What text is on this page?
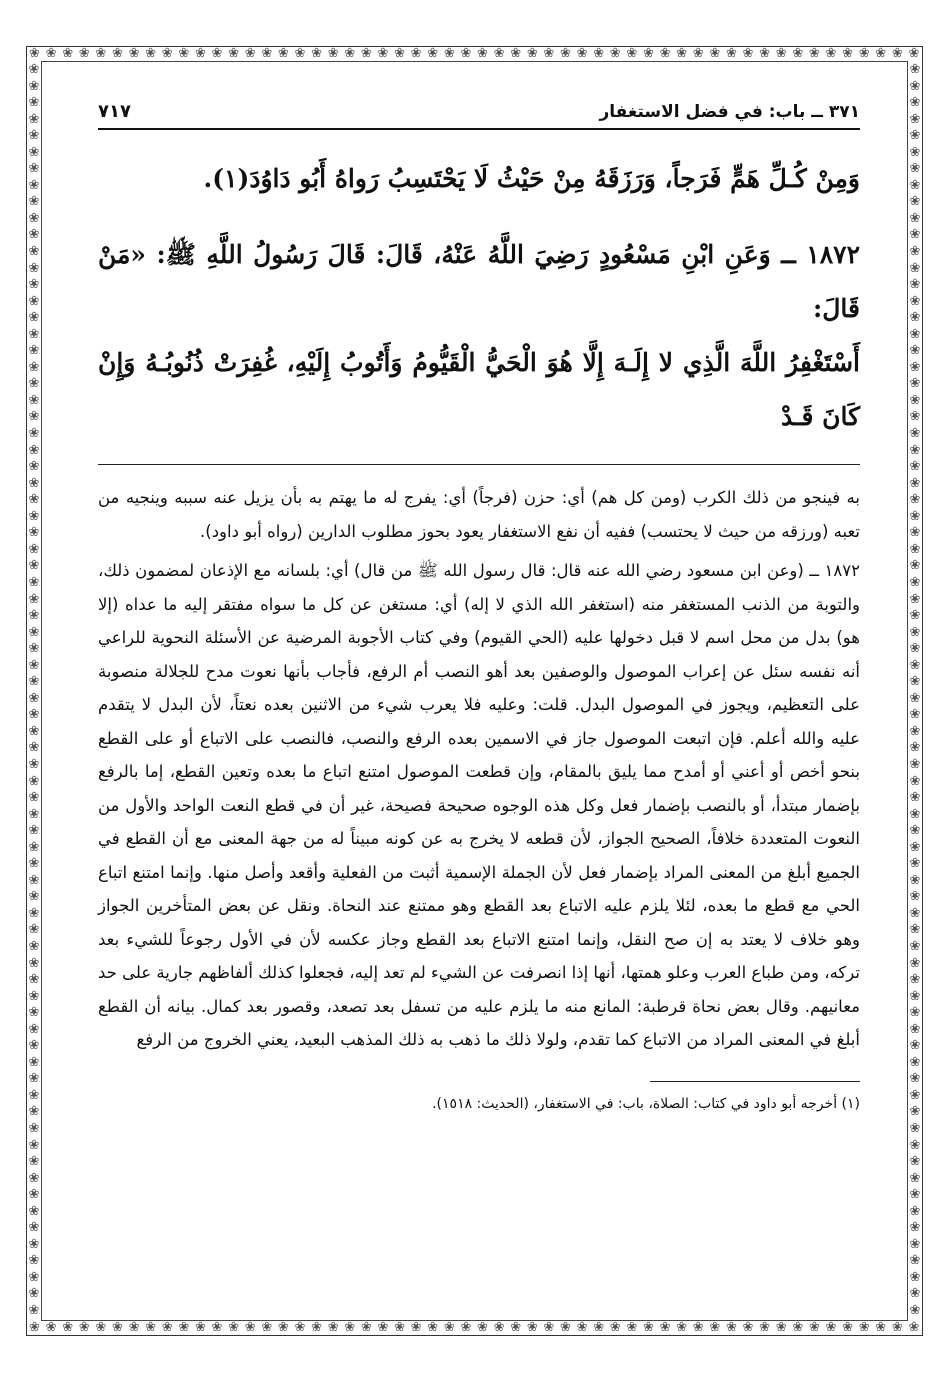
❀ ❀ ❀ ❀ ❀ ❀ ❀ ❀ ❀ ❀ ❀ ❀ ❀ ❀ ❀ ❀ ❀ ❀ ❀ ❀ ❀ ❀ ❀ ❀ ❀ ❀ ❀ ❀ ❀ ❀ ❀ ❀ ❀ ❀ ❀ ❀ ❀ ❀ ❀ ❀ ❀ ❀ ❀ ❀ ❀ ❀ ❀ ❀ ❀ ❀ ❀ ❀ ❀ ❀
❀ ❀ ❀ ❀ ❀ ❀ ❀ ❀ ❀ ❀ ❀ ❀ ❀ ❀ ❀ ❀ ❀ ❀ ❀ ❀ ❀ ❀ ❀ ❀ ❀ ❀ ❀ ❀ ❀ ❀ ❀ ❀ ❀ ❀ ❀ ❀ ❀ ❀ ❀ ❀ ❀ ❀ ❀ ❀ ❀ ❀ ❀ ❀ ❀ ❀ ❀ ❀ ❀ ❀
❀
❀
❀
❀
❀
❀
❀
❀
❀
❀
❀
❀
❀
❀
❀
❀
❀
❀
❀
❀
❀
❀
❀
❀
❀
❀
❀
❀
❀
❀
❀
❀
❀
❀
❀
❀
❀
❀
❀
❀
❀
❀
❀
❀
❀
❀
❀
❀
❀
❀
❀
❀
❀
❀
❀
❀
❀
❀
❀
❀
❀
❀
❀
❀
❀
❀
❀
❀
❀
❀
❀
❀
❀
❀
❀
❀
❀
❀
❀
❀
❀
❀
❀
❀
❀
❀
❀
❀
❀
❀
❀
❀
❀
❀
❀
❀
❀
❀
❀
❀
❀
❀
❀
❀
❀
❀
❀
❀
❀
❀
❀
❀
❀
❀
❀
❀
❀
❀
❀
❀
❀
❀
❀
❀
❀
❀
❀
❀
❀
❀
❀
❀
❀
❀
❀
❀
❀
❀
❀
❀
❀
❀
❀
❀
❀
❀
❀
❀
❀
❀
❀
❀
٣٧١ ــ باب: في فضل الاستغفار
٧١٧

وَمِنْ كُـلِّ هَمٍّ فَرَجاً، وَرَزَقَهُ مِنْ حَيْثُ لَا يَحْتَسِبُ رَواهُ أَبُو دَاوُدَ(١).

١٨٧٢ ــ وَعَنِ ابْنِ مَسْعُودٍ رَضِيَ اللَّهُ عَنْهُ، قَالَ: قَالَ رَسُولُ اللَّهِ ﷺ: «مَنْ قَالَ:

أَسْتَغْفِرُ اللَّهَ الَّذِي لا إِلَـهَ إِلَّا هُوَ الْحَيُّ الْقَيُّومُ وَأَتُوبُ إِلَيْهِ، غُفِرَتْ ذُنُوبُـهُ وَإِنْ كَانَ قَـدْ

به فينجو من ذلك الكرب (ومن كل هم) أي: حزن (فرجاً) أي: يفرج له ما يهتم به بأن يزيل عنه سببه وينجيه من تعبه (ورزقه من حيث لا يحتسب) ففيه أن نفع الاستغفار يعود بحوز مطلوب الدارين (رواه أبو داود).

١٨٧٢ ــ (وعن ابن مسعود رضي الله عنه قال: قال رسول الله ﷺ من قال) أي: بلسانه مع الإذعان لمضمون ذلك، والتوبة من الذنب المستغفر منه (استغفر الله الذي لا إله) أي: مستغن عن كل ما سواه مفتقر إليه ما عداه (إلا هو) بدل من محل اسم لا قبل دخولها عليه (الحي القيوم) وفي كتاب الأجوبة المرضية عن الأسئلة النحوية للراعي أنه نفسه سئل عن إعراب الموصول والوصفين بعد أهو النصب أم الرفع، فأجاب بأنها نعوت مدح للجلالة منصوبة على التعظيم، ويجوز في الموصول البدل. قلت: وعليه فلا يعرب شيء من الاثنين بعده نعتاً، لأن البدل لا يتقدم عليه والله أعلم. فإن اتبعت الموصول جاز في الاسمين بعده الرفع والنصب، فالنصب على الاتباع أو على القطع بنحو أخص أو أعني أو أمدح مما يليق بالمقام، وإن قطعت الموصول امتنع اتباع ما بعده وتعين القطع، إما بالرفع بإضمار مبتدأ، أو بالنصب بإضمار فعل وكل هذه الوجوه صحيحة فصيحة، غير أن في قطع النعت الواحد والأول من النعوت المتعددة خلافاً، الصحيح الجواز، لأن قطعه لا يخرج به عن كونه مبيناً له من جهة المعنى مع أن القطع في الجميع أبلغ من المعنى المراد بإضمار فعل لأن الجملة الإسمية أثبت من الفعلية وأقعد وأصل منها. وإنما امتنع اتباع الحي مع قطع ما بعده، لئلا يلزم عليه الاتباع بعد القطع وهو ممتنع عند النحاة. ونقل عن بعض المتأخرين الجواز وهو خلاف لا يعتد به إن صح النقل، وإنما امتنع الاتباع بعد القطع وجاز عكسه لأن في الأول رجوعاً للشيء بعد تركه، ومن طباع العرب وعلو همتها، أنها إذا انصرفت عن الشيء لم تعد إليه، فجعلوا كذلك ألفاظهم جارية على حد معانيهم. وقال بعض نحاة قرطبة: المانع منه ما يلزم عليه من تسفل بعد تصعد، وقصور بعد كمال. بيانه أن القطع أبلغ في المعنى المراد من الاتباع كما تقدم، ولولا ذلك ما ذهب به ذلك المذهب البعيد، يعني الخروج من الرفع

(١) أخرجه أبو داود في كتاب: الصلاة، باب: في الاستغفار، (الحديث: ١٥١٨).
